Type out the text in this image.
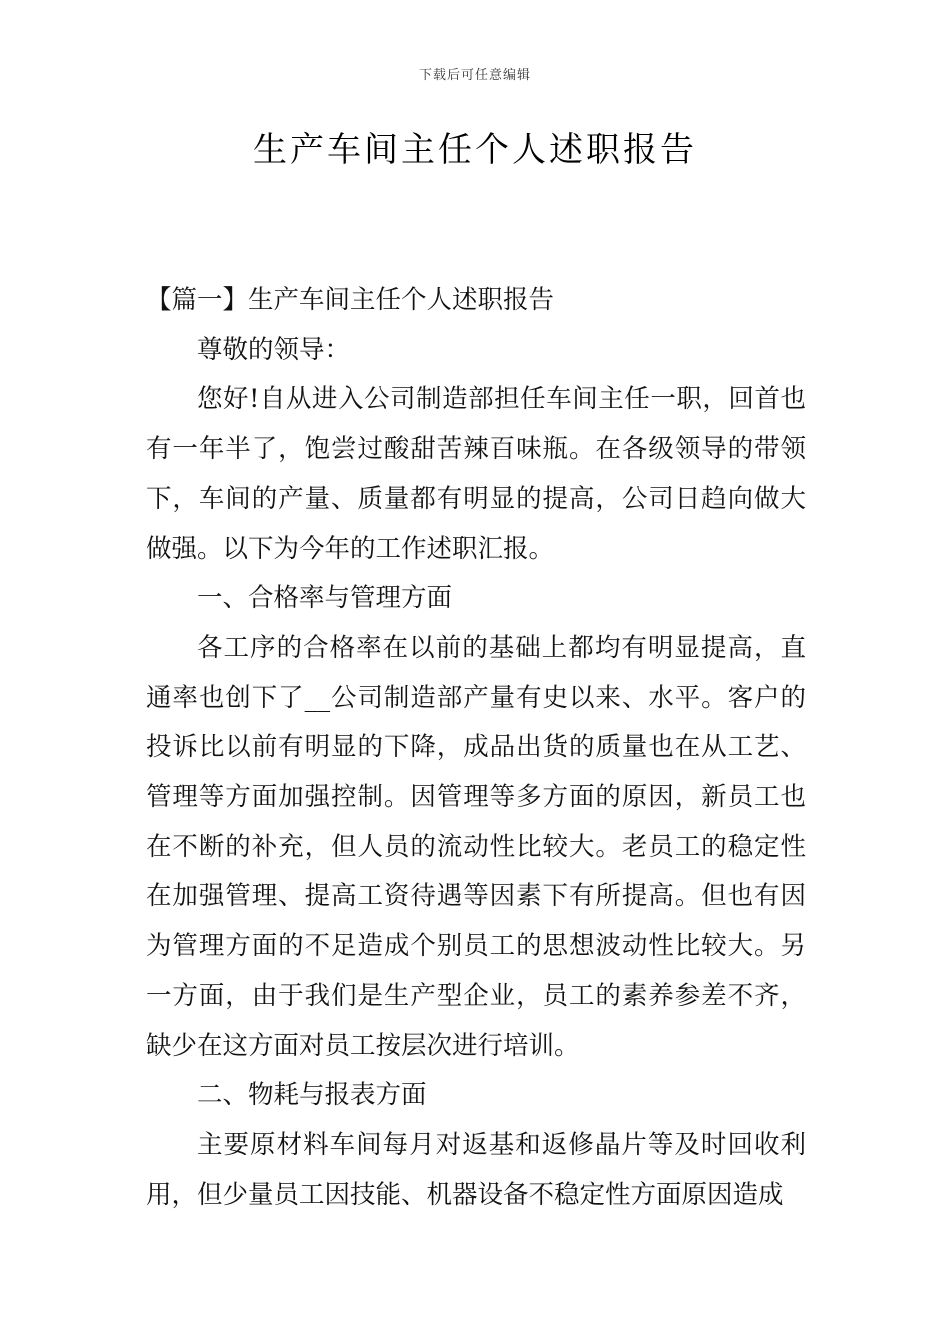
下载后可任意编辑
生产车间主任个人述职报告

【篇一】生产车间主任个人述职报告

尊敬的领导：

您好!自从进入公司制造部担任车间主任一职，回首也有一年半了，饱尝过酸甜苦辣百味瓶。在各级领导的带领下，车间的产量、质量都有明显的提高，公司日趋向做大做强。以下为今年的工作述职汇报。

一、合格率与管理方面

各工序的合格率在以前的基础上都均有明显提高，直通率也创下了__公司制造部产量有史以来、水平。客户的投诉比以前有明显的下降，成品出货的质量也在从工艺、管理等方面加强控制。因管理等多方面的原因，新员工也在不断的补充，但人员的流动性比较大。老员工的稳定性在加强管理、提高工资待遇等因素下有所提高。但也有因为管理方面的不足造成个别员工的思想波动性比较大。另一方面，由于我们是生产型企业，员工的素养参差不齐，缺少在这方面对员工按层次进行培训。

二、物耗与报表方面

主要原材料车间每月对返基和返修晶片等及时回收利用，但少量员工因技能、机器设备不稳定性方面原因造成
